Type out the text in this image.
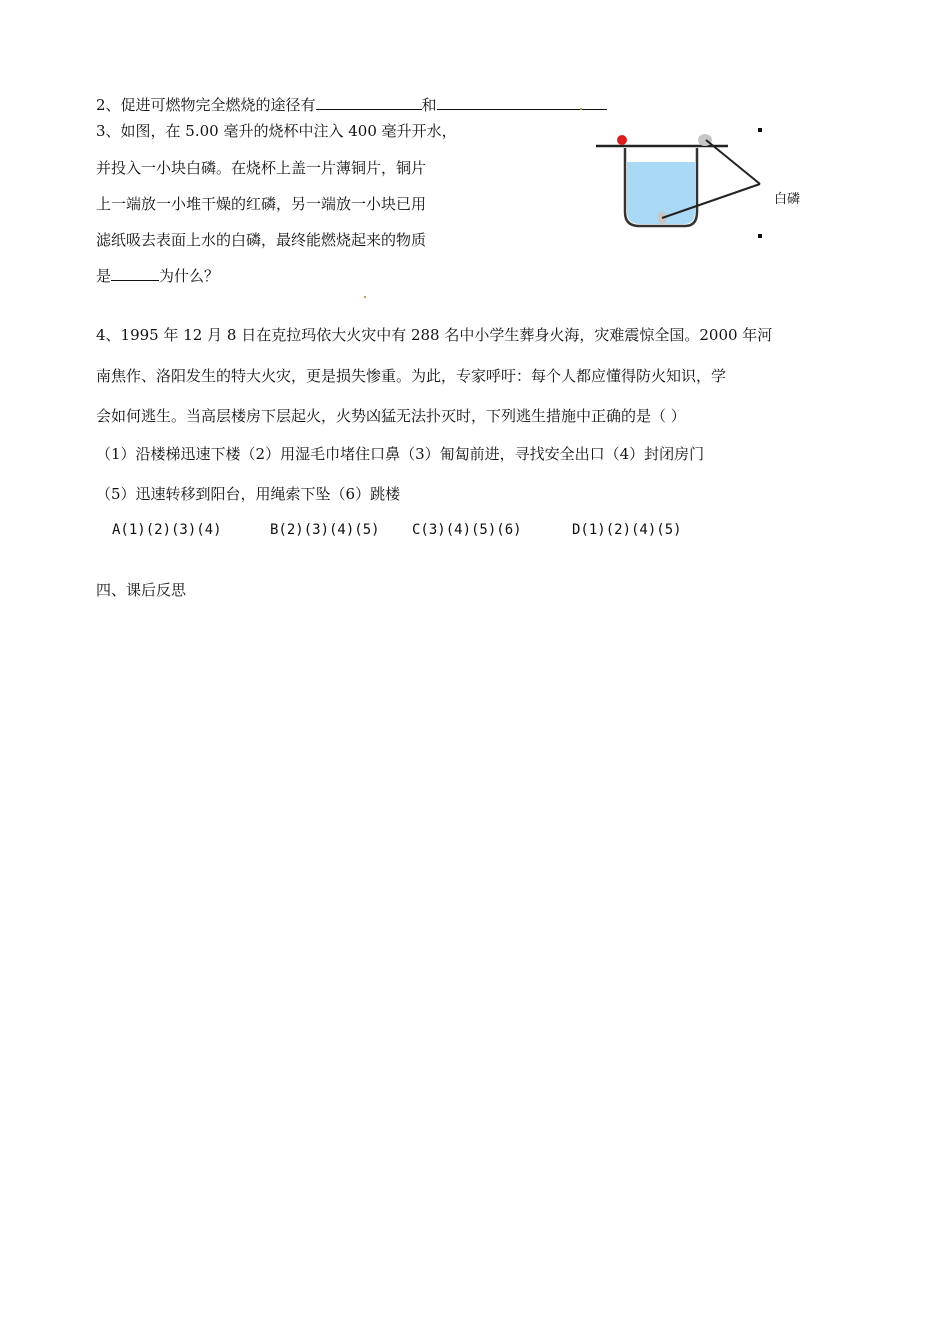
2、促进可燃物完全燃烧的途径有	和
3、如图，在 5.00 毫升的烧杯中注入 400 毫升开水，
并投入一小块白磷。在烧杯上盖一片薄铜片，铜片
上一端放一小堆干燥的红磷，另一端放一小块已用
滤纸吸去表面上水的白磷，最终能燃烧起来的物质
是	为什么？
白磷
4、1995 年 12 月 8 日在克拉玛依大火灾中有 288 名中小学生葬身火海，灾难震惊全国。2000 年河
南焦作、洛阳发生的特大火灾，更是损失惨重。为此，专家呼吁：每个人都应懂得防火知识，学
会如何逃生。当高层楼房下层起火，火势凶猛无法扑灭时，下列逃生措施中正确的是（ ）
（1）沿楼梯迅速下楼（2）用湿毛巾堵住口鼻（3）匍匐前进，寻找安全出口（4）封闭房门
（5）迅速转移到阳台，用绳索下坠（6）跳楼
A(1)(2)(3)(4)	B(2)(3)(4)(5) C(3)(4)(5)(6)	D(1)(2)(4)(5)
四、课后反思
